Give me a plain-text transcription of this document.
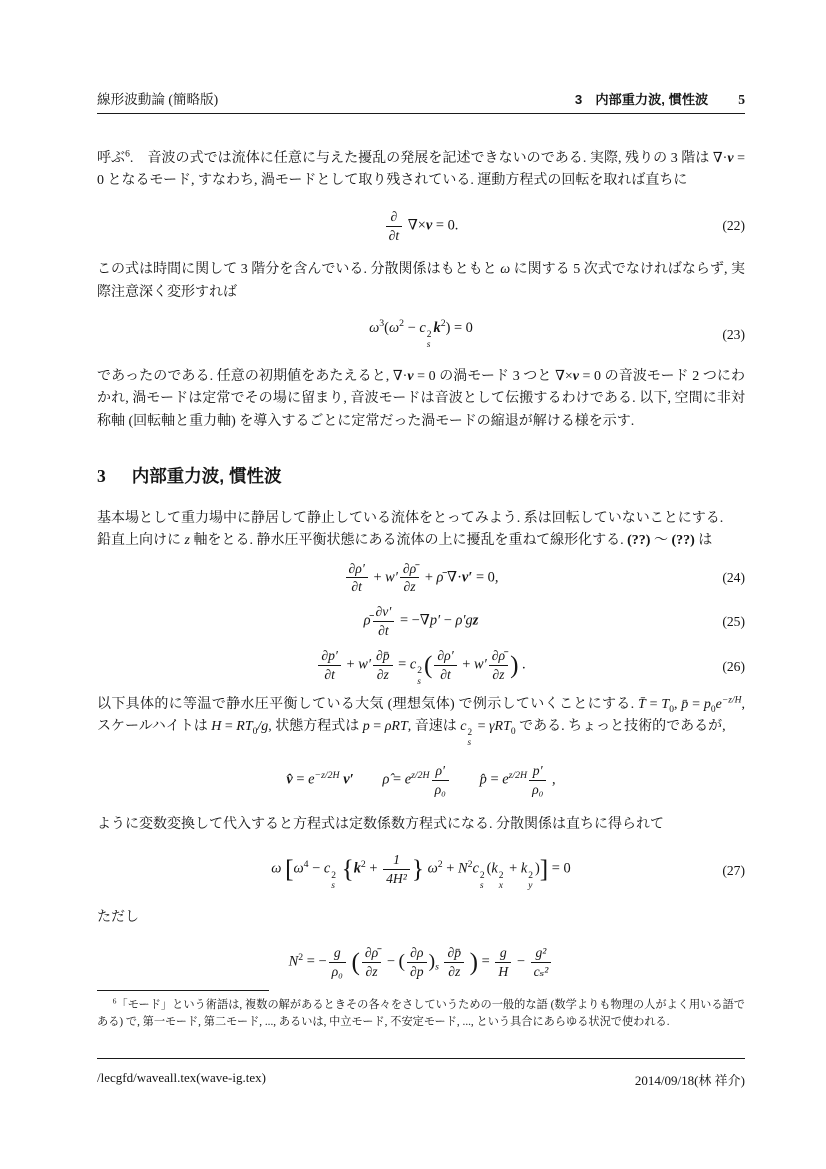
線形波動論 (簡略版)	3　内部重力波, 慣性波 5

呼ぶ$^6$.　音波の式では流体に任意に与えた擾乱の発展を記述できないのである. 実際, 残りの 3 階は ∇·v = 0 となるモード, すなわち, 渦モードとして取り残されている. 運動方程式の回転を取れば直ちに

$\frac{\partial}{\partial t} \nabla\times v = 0$.	(22)

この式は時間に関して 3 階分を含んでいる. 分散関係はもともと ω に関する 5 次式でなければならず, 実際注意深く変形すれば

$\omega^3(\omega^2 - c$ 2
s
$k^2) = 0$	(23)

であったのである. 任意の初期値をあたえると, ∇·v = 0 の渦モード 3 つと ∇×v = 0 の音波モード 2 つにわかれ, 渦モードは定常でその場に留まり, 音波モードは音波として伝搬するわけである. 以下, 空間に非対称軸 (回転軸と重力軸) を導入するごとに定常だった渦モードの縮退が解ける様を示す.

3 内部重力波, 慣性波

基本場として重力場中に静居して静止している流体をとってみよう. 系は回転していないことにする.

鉛直上向けに z 軸をとる. 静水圧平衡状態にある流体の上に擾乱を重ねて線形化する. (??) ～ (??) は

$\frac{\partial\rho'}{\partial t} + w' \frac{\partial\rhō}{\partial z}$ + ρ̄ ∇·v′ = 0,	(24)
ρ̄ $\frac{\partial v'}{\partial t} = -\nabla p' - \rho'gz$	(25)
$\frac{\partial p'}{\partial t} + w' \frac{\partial p̄}{\partial z} = c$ 2
s
( $\frac{\partial\rho'}{\partial t} + w' \frac{\partial\rhō}{\partial z}$ ) .	(26)

以下具体的に等温で静水圧平衡している大気 (理想気体) で例示していくことにする. T̄ = $T_0$, p̄ = $p_0e^{-z/H}$, スケールハイトは $H = RT_0/g$, 状態方程式は p = ρRT, 音速は c 2
s
= γRT$_0$ である. ちょっと技術的であるが,

v̂ = $e^{-z/2H}$ v′　　 ρ̂ = $e^{z/2H} \frac{\rho'}{\text{ρ₀}}$
　　 p̂ = $e^{z/2H} \frac{p'}{\text{ρ₀}}$ ,

ように変数変換して代入すると方程式は定数係数方程式になる. 分散関係は直ちに得られて

ω [$\omega^4 - c$ 2
s
{$k^2 + \frac{1}{\text{4H²}}$ } $\omega^2 + N^2c$ 2
s
(k 2
x
+ k 2
y
)] = 0	(27)

ただし

$N^2$ = − $\frac{g}{\text{ρ₀}}$ ( $\frac{\partial\rhō}{\partial z}$ − ( $\frac{\partial\rho}{\partial p} )_s \frac{\partial p̄}{\partial z}$ ) = $\frac{g}{H} - \frac{\text{g²}}{\text{cₛ²}}$

$^6$「モード」という術語は, 複数の解があるときその各々をさしていうための一般的な語 (数学よりも物理の人がよく用いる語である) で, 第一モード, 第二モード, ..., あるいは, 中立モード, 不安定モード, ..., という具合にあらゆる状況で使われる.

/lecgfd/waveall.tex(wave-ig.tex)	2014/09/18(林 祥介)
